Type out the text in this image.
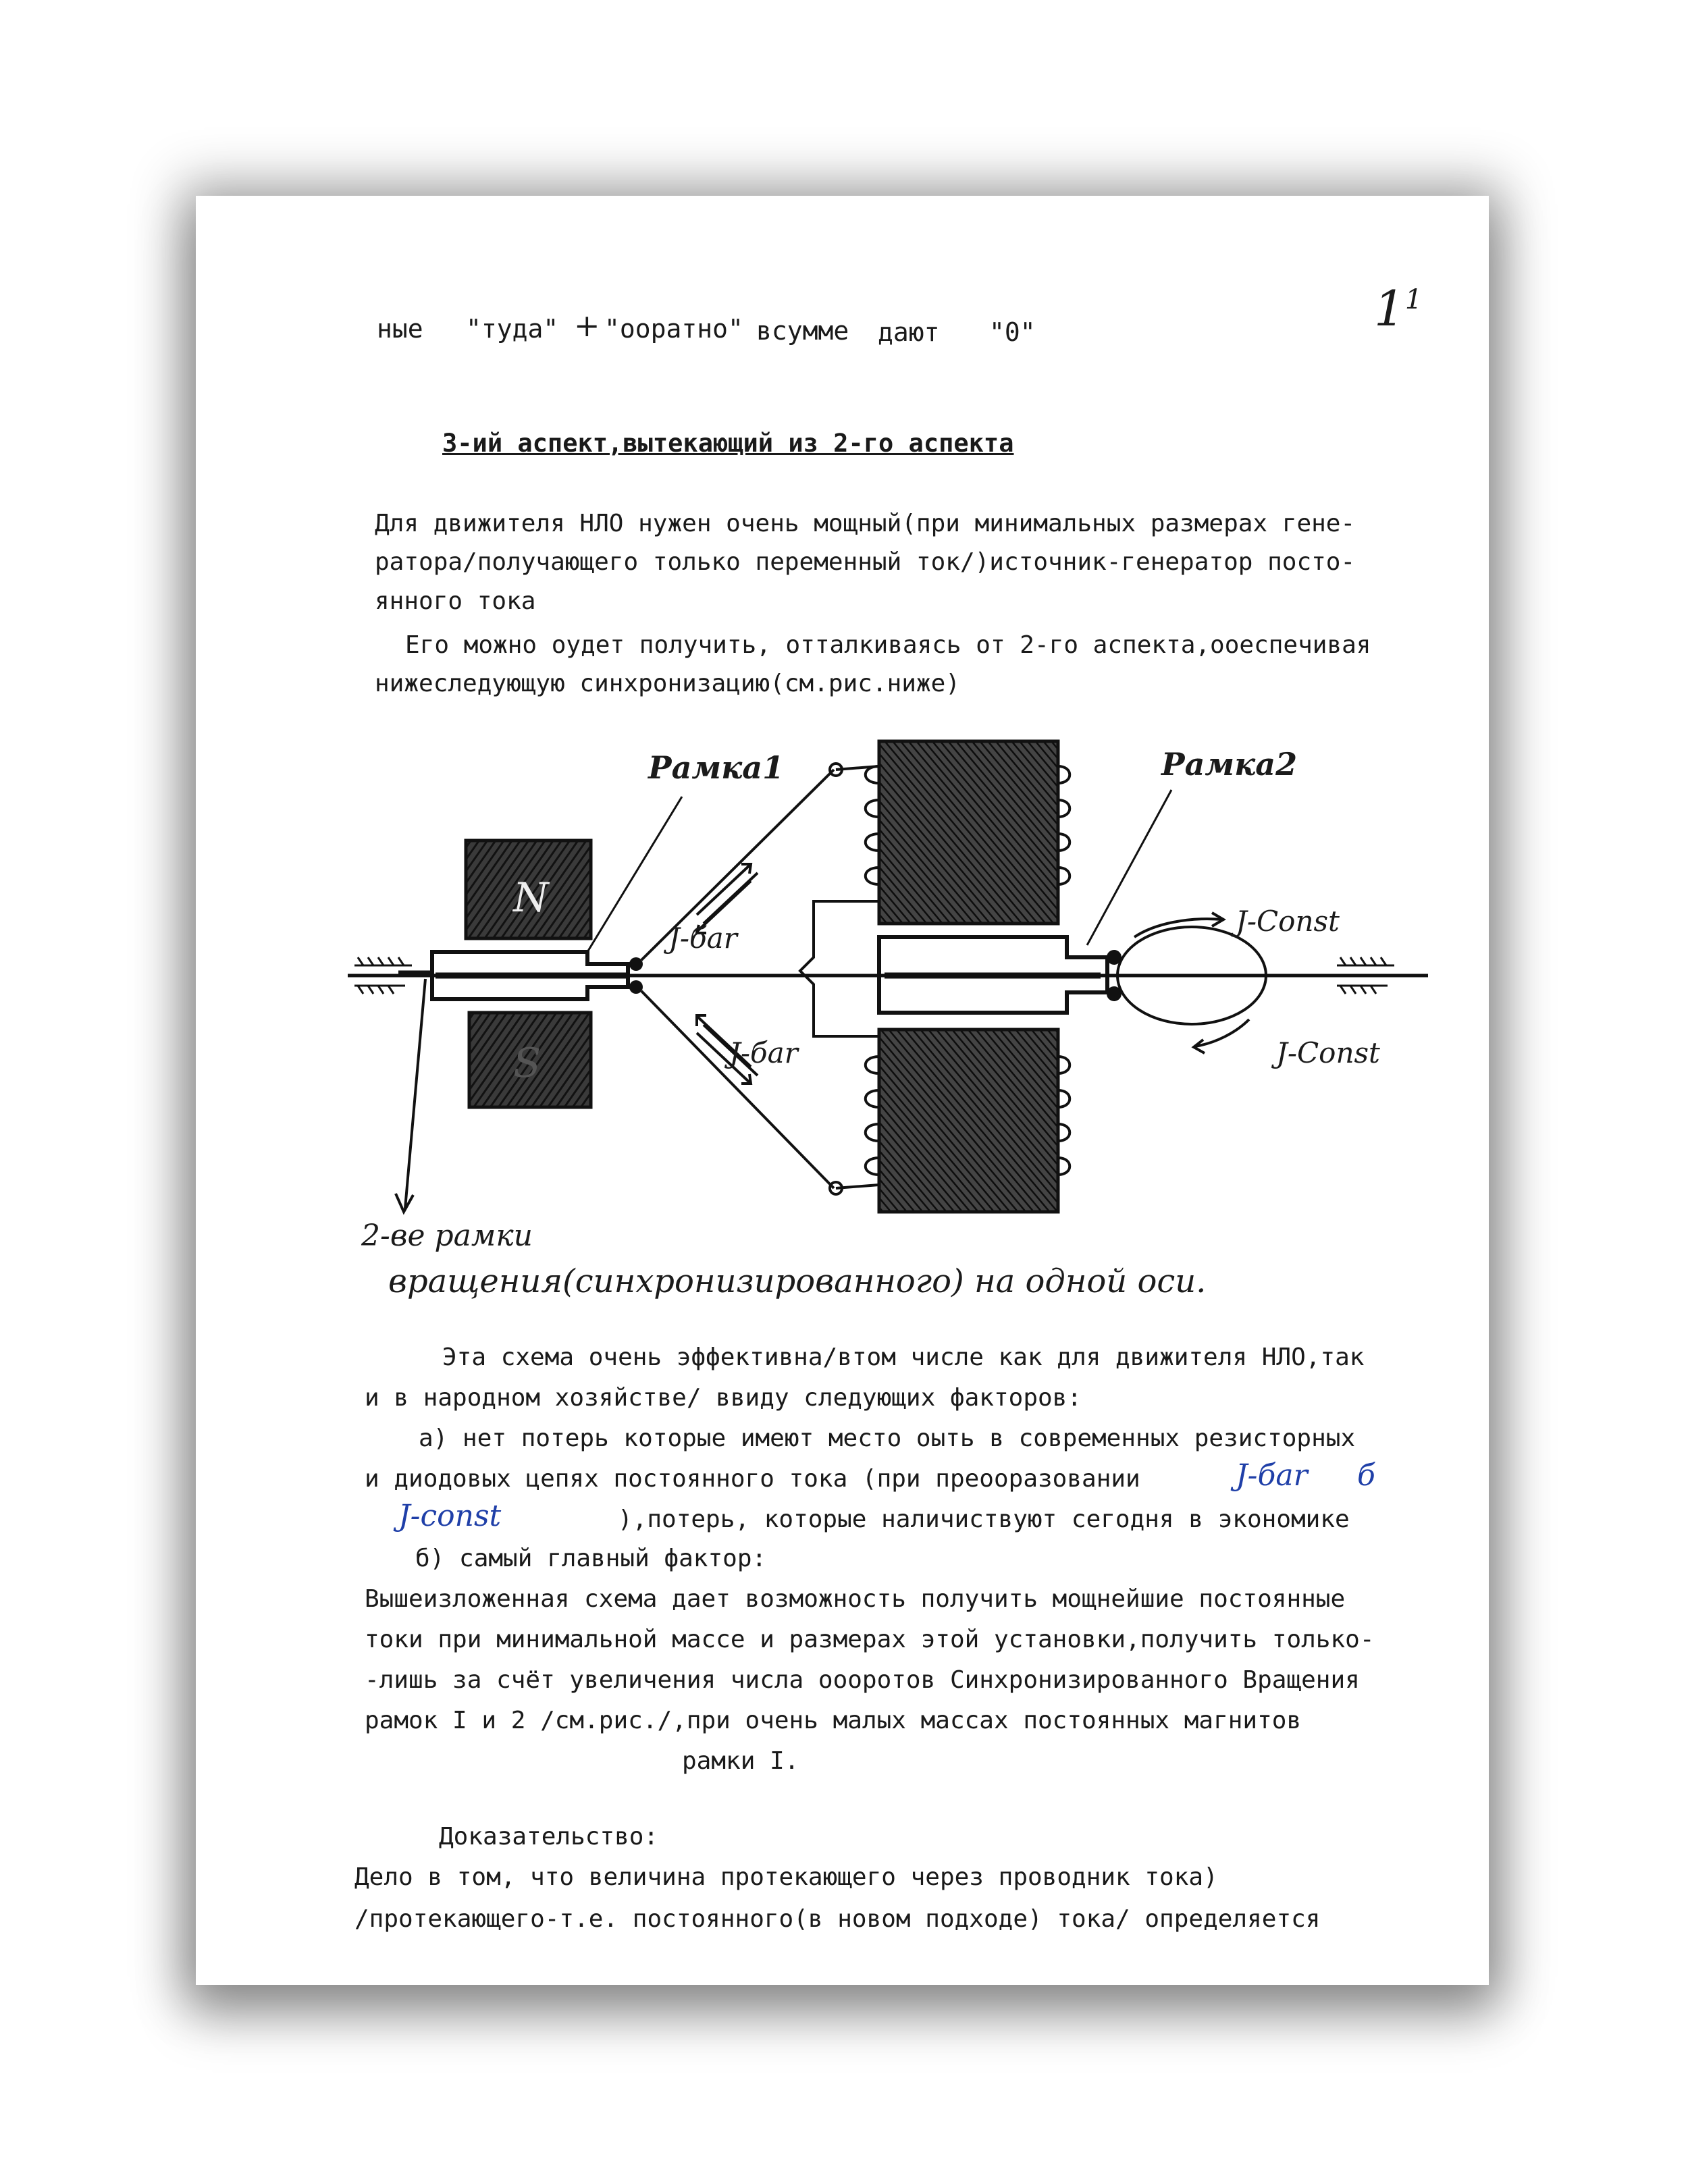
$1^1$
ные "туда" + "ооратно" всумме дают "0"
3-ий аспект,вытекающий из 2-го аспекта
Для движителя НЛО нужен очень мощный(при минимальных размерах гене-
ратора/получающего только переменный ток/)источник-генератор посто-
янного тока
Его можно оудет получить, отталкиваясь от 2-го аспекта,ооеспечивая
нижеследующую синхронизацию(см.рис.ниже)
N
S
Рамка1	Рамка2
J-бar
J-бar
J-Const
J-Const
2-ве рамки
вращения(синхронизированного) на одной оси.
Эта схема очень эффективна/втом числе как для движителя НЛО,так
и в народном хозяйстве/ ввиду следующих факторов:
а) нет потерь которые имеют место оыть в современных резисторных
и диодовых цепях постоянного тока (при преооразовании	J-бar б
J-const	),потерь, которые наличиствуют сегодня в экономике
б) самый главный фактор:
Вышеизложенная схема дает возможность получить мощнейшие постоянные
токи при минимальной массе и размерах этой установки,получить только-
-лишь за счёт увеличения числа оооротов Синхронизированного Вращения
рамок I и 2 /см.рис./,при очень малых массах постоянных магнитов
рамки I.
Доказательство:
Дело в том, что величина протекающего через проводник тока)
/протекающего-т.е. постоянного(в новом подходе) тока/ определяется
